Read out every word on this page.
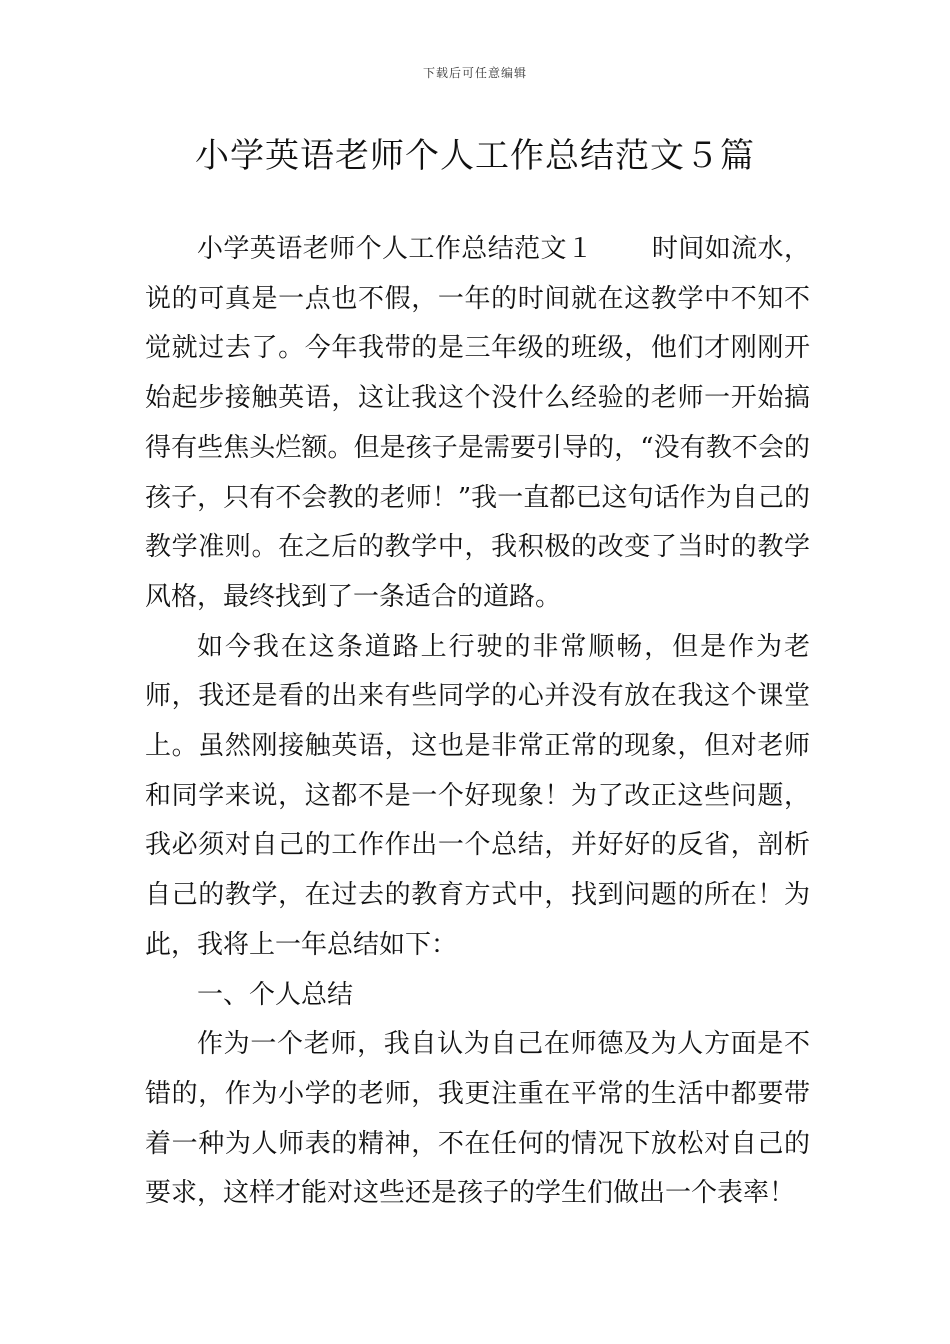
下载后可任意编辑
小学英语老师个人工作总结范文５篇

小学英语老师个人工作总结范文１ 时间如流水，说的可真是一点也不假，一年的时间就在这教学中不知不觉就过去了。今年我带的是三年级的班级，他们才刚刚开始起步接触英语，这让我这个没什么经验的老师一开始搞得有些焦头烂额。但是孩子是需要引导的，“没有教不会的孩子，只有不会教的老师！”我一直都已这句话作为自己的教学准则。在之后的教学中，我积极的改变了当时的教学风格，最终找到了一条适合的道路。

如今我在这条道路上行驶的非常顺畅，但是作为老师，我还是看的出来有些同学的心并没有放在我这个课堂上。虽然刚接触英语，这也是非常正常的现象，但对老师和同学来说，这都不是一个好现象！为了改正这些问题，我必须对自己的工作作出一个总结，并好好的反省，剖析自己的教学，在过去的教育方式中，找到问题的所在！为此，我将上一年总结如下：

一、个人总结

作为一个老师，我自认为自己在师德及为人方面是不错的，作为小学的老师，我更注重在平常的生活中都要带着一种为人师表的精神，不在任何的情况下放松对自己的要求，这样才能对这些还是孩子的学生们做出一个表率！
